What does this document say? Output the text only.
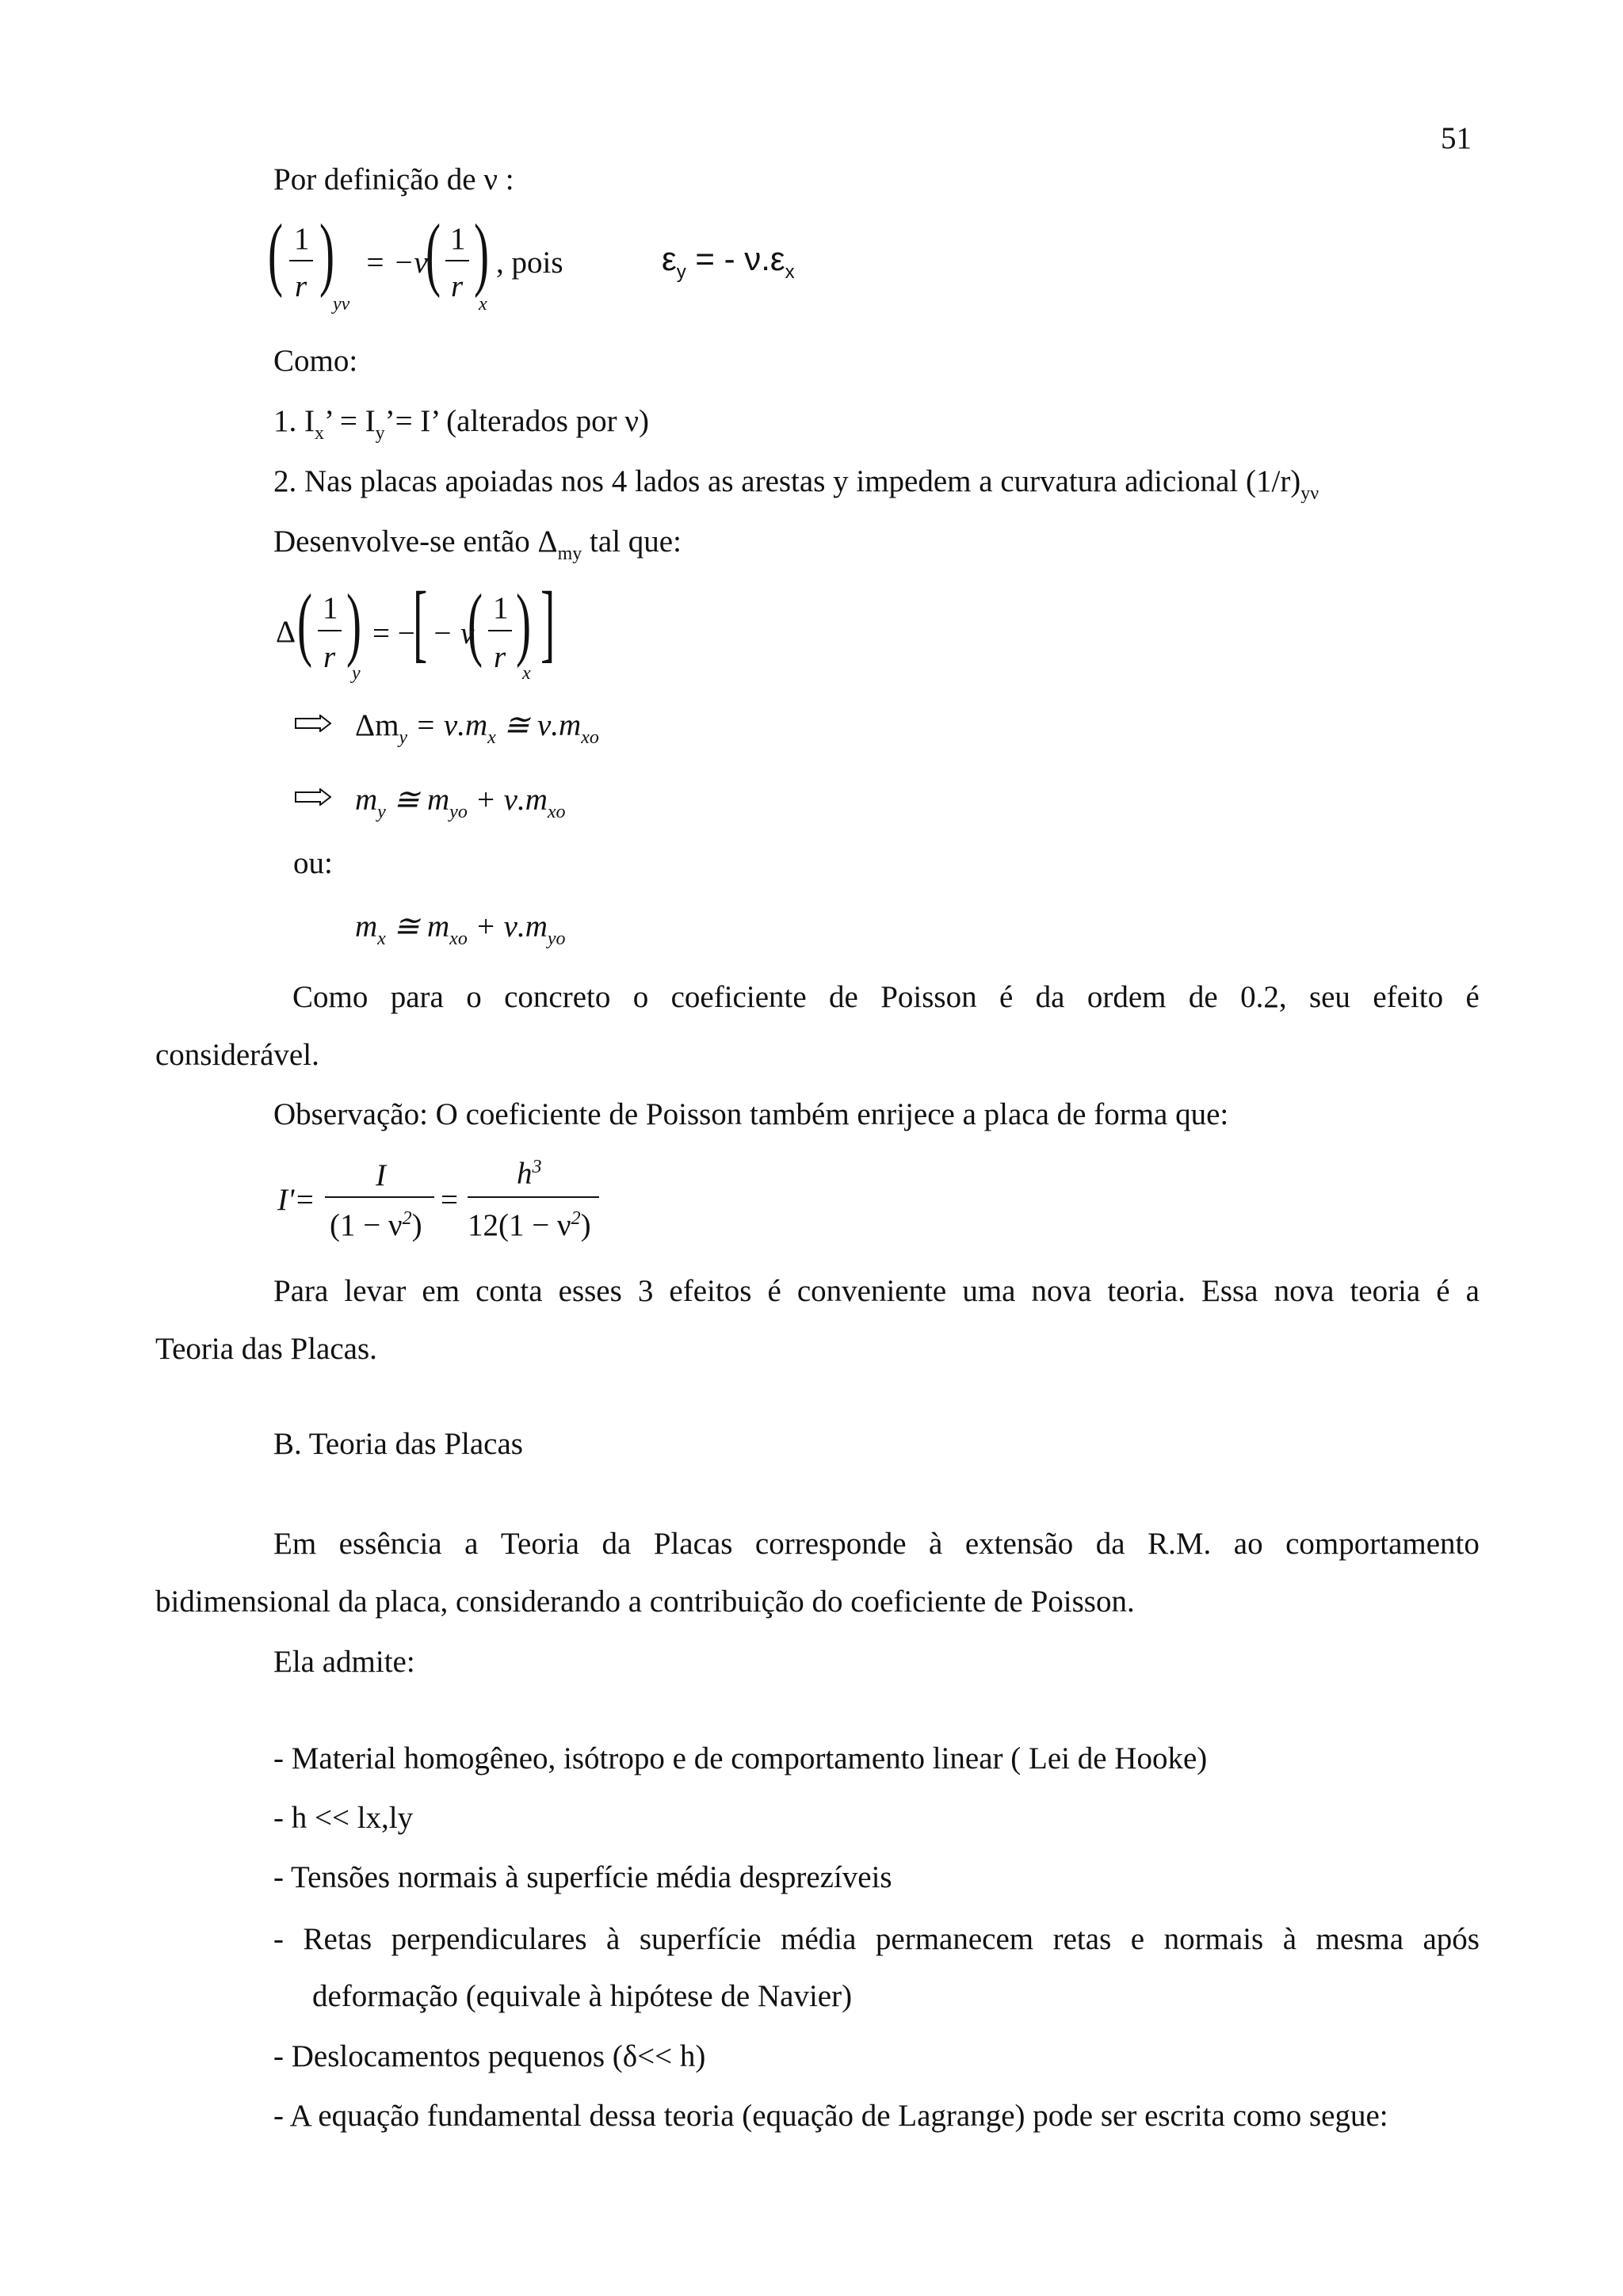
51
Por definição de ν :
( 1
r )
yν
= −ν
( 1
r )
x
, pois	$\varepsilon_y$ = - $\nu.\varepsilon_x$
Como:
1. $I_x$’ = $I_y’= I$’ (alterados por ν)
2. Nas placas apoiadas nos 4 lados as arestas y impedem a curvatura adicional $(1/r)_{y\nu}$
Desenvolve-se então $\Delta_{my}$ tal que:
Δ ( 1
r )
y
= −
[ − ν
( 1
r )
x
]
$\Delta m_y = \nu.m_x$ ≅ $\nu.m_{xo}$
$m_y$ ≅ $m_{yo} + \nu.m_{xo}$
ou:
$m_x$ ≅ $m_{xo} + \nu.m_{yo}$
Como para o concreto o coeficiente de Poisson é da ordem de 0.2, seu efeito é
considerável.
Observação: O coeficiente de Poisson também enrijece a placa de forma que:
I'=
I
$(1 - \nu^2)$
=
$h^3$
$12(1 - \nu^2)$
Para levar em conta esses 3 efeitos é conveniente uma nova teoria. Essa nova teoria é a
Teoria das Placas.
B. Teoria das Placas
Em essência a Teoria da Placas corresponde à extensão da R.M. ao comportamento
bidimensional da placa, considerando a contribuição do coeficiente de Poisson.
Ela admite:
- Material homogêneo, isótropo e de comportamento linear ( Lei de Hooke)
- h << lx,ly
- Tensões normais à superfície média desprezíveis
- Retas perpendiculares à superfície média permanecem retas e normais à mesma após
deformação (equivale à hipótese de Navier)
- Deslocamentos pequenos (δ<< h)
- A equação fundamental dessa teoria (equação de Lagrange) pode ser escrita como segue:
